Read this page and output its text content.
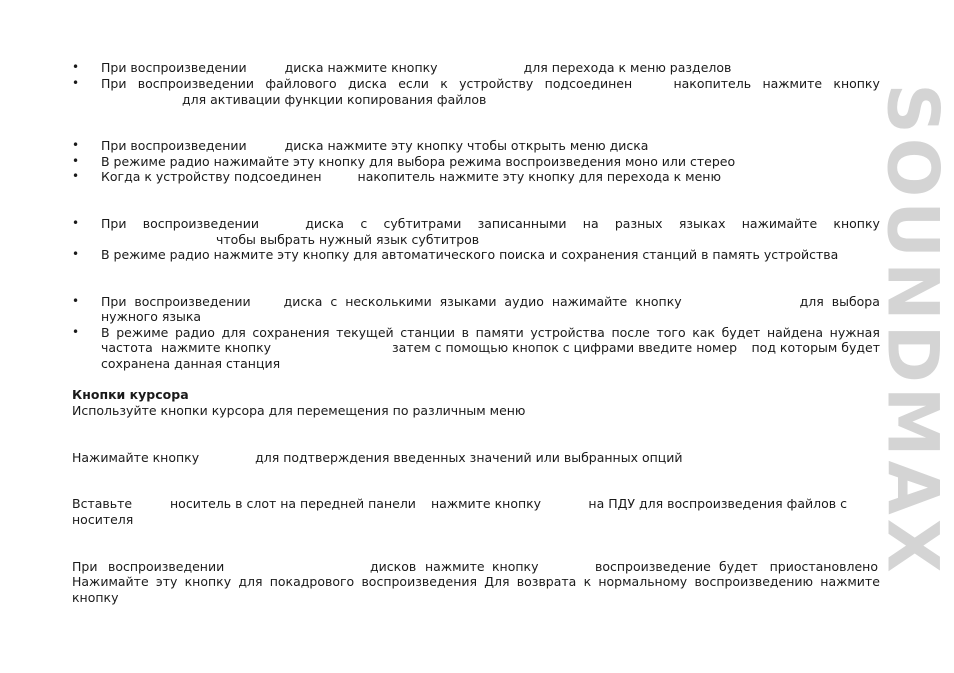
SOUNDMAX
• При воспроизведении	диска нажмите кнопку	для перехода к меню разделов
• При воспроизведении файлового диска если к устройству подсоединен	накопитель нажмите кнопку
для активации функции копирования файлов
• При воспроизведении	диска нажмите эту кнопку чтобы открыть меню диска
• В режиме радио нажимайте эту кнопку для выбора режима воспроизведения моно или стерео
• Когда к устройству подсоединен	накопитель нажмите эту кнопку для перехода к меню
• При воспроизведении	диска с субтитрами записанными на разных языках нажимайте кнопку
чтобы выбрать нужный язык субтитров
• В режиме радио нажмите эту кнопку для автоматического поиска и сохранения станций в память устройства
• При воспроизведении	диска с несколькими языками аудио нажимайте кнопку	для выбора
нужного языка
• В режиме радио для сохранения текущей станции в памяти устройства после того как будет найдена нужная
частота нажмите кнопку	затем с помощью кнопок с цифрами введите номер под которым будет
сохранена данная станция
Кнопки курсора
Используйте кнопки курсора для перемещения по различным меню
Нажимайте кнопку	для подтверждения введенных значений или выбранных опций
Вставьте	носитель в слот на передней панели нажмите кнопку	на ПДУ для воспроизведения файлов с
носителя
При воспроизведении	дисков нажмите кнопку	воспроизведение будет приостановлено
Нажимайте эту кнопку для покадрового воспроизведения Для возврата к нормальному воспроизведению нажмите
кнопку
